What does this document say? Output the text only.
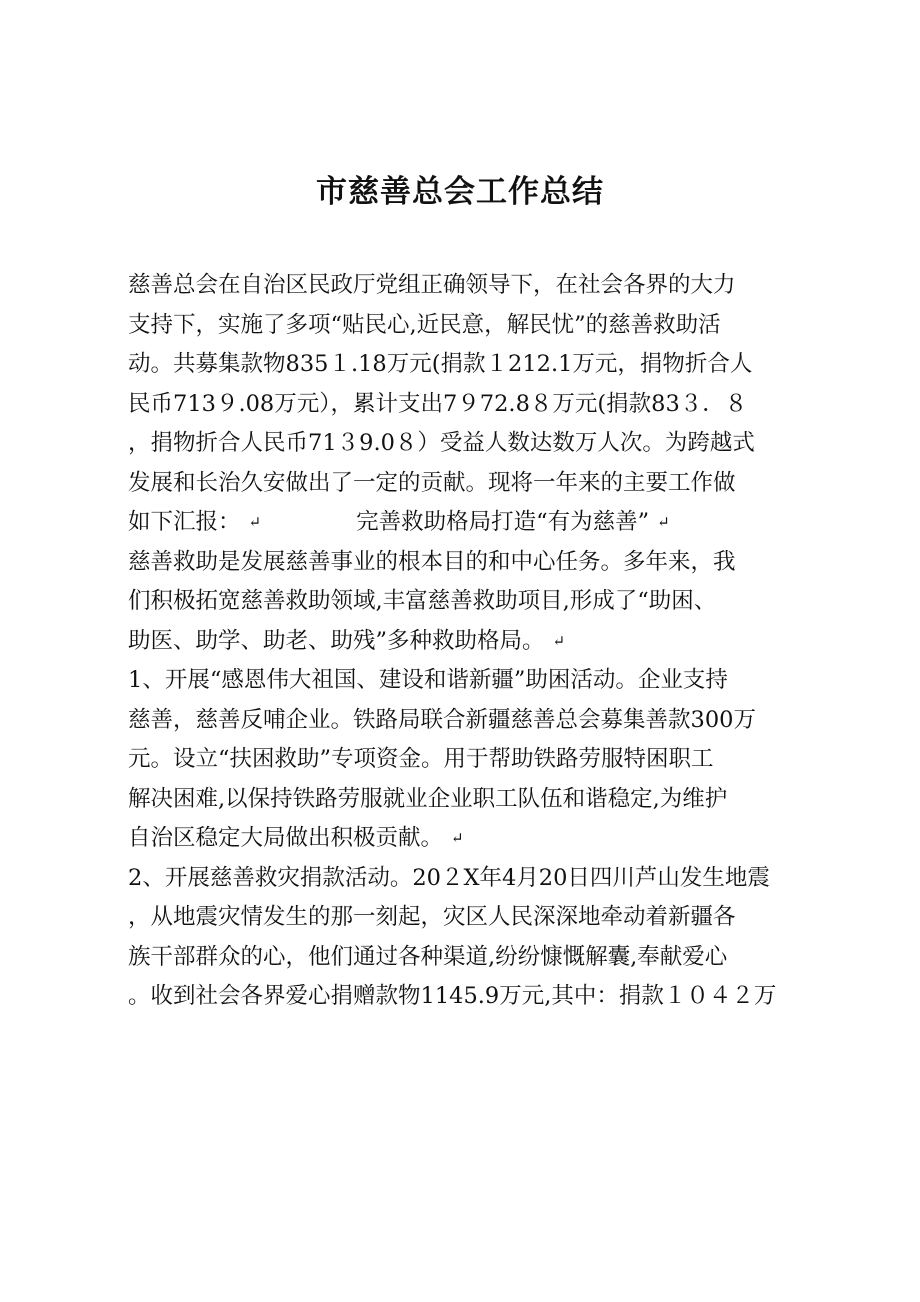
市慈善总会工作总结
慈善总会在自治区民政厅党组正确领导下，在社会各界的大力
支持下，实施了多项“贴民心,近民意，解民忧”的慈善救助活
动。共募集款物835１.18万元(捐款１212.1万元，捐物折合人
民币713９.08万元），累计支出7９72.8８万元(捐款83３．８
，捐物折合人民币71３9.0８）受益人数达数万人次。为跨越式
发展和长治久安做出了一定的贡献。现将一年来的主要工作做
如下汇报： ↵	完善救助格局打造“有为慈善” ↵
慈善救助是发展慈善事业的根本目的和中心任务。多年来，我
们积极拓宽慈善救助领域,丰富慈善救助项目,形成了“助困、
助医、助学、助老、助残”多种救助格局。 ↵
1、开展“感恩伟大祖国、建设和谐新疆”助困活动。企业支持
慈善，慈善反哺企业。铁路局联合新疆慈善总会募集善款300万
元。设立“扶困救助”专项资金。用于帮助铁路劳服特困职工
解决困难,以保持铁路劳服就业企业职工队伍和谐稳定,为维护
自治区稳定大局做出积极贡献。 ↵
2、开展慈善救灾捐款活动。20２X年4月20日四川芦山发生地震
，从地震灾情发生的那一刻起，灾区人民深深地牵动着新疆各
族干部群众的心，他们通过各种渠道,纷纷慷慨解囊,奉献爱心
。收到社会各界爱心捐赠款物1145.9万元,其中：捐款１０４２万
